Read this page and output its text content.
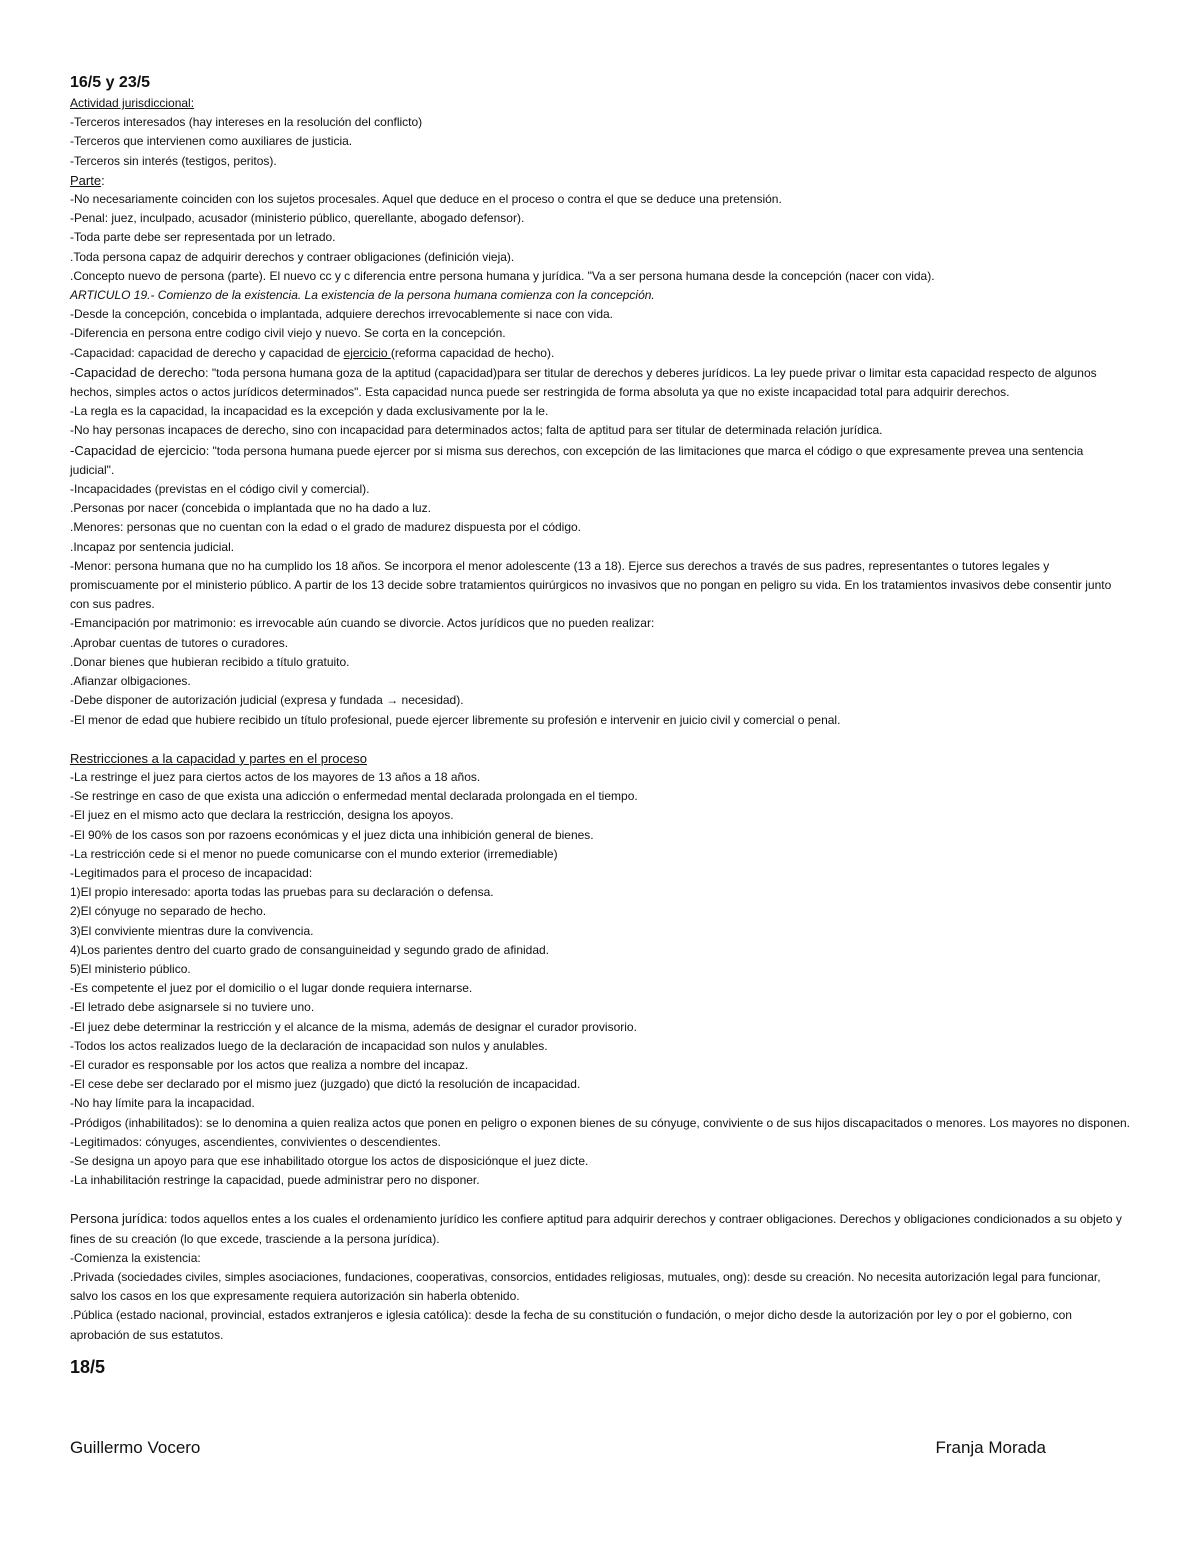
16/5 y 23/5
Actividad jurisdiccional:
-Terceros interesados (hay intereses en la resolución del conflicto)
-Terceros que intervienen como auxiliares de justicia.
-Terceros sin interés (testigos, peritos).
Parte:
-No necesariamente coinciden con los sujetos procesales. Aquel que deduce en el proceso o contra el que se deduce una pretensión.
-Penal: juez, inculpado, acusador (ministerio público, querellante, abogado defensor).
-Toda parte debe ser representada por un letrado.
.Toda persona capaz de adquirir derechos y contraer obligaciones (definición vieja).
.Concepto nuevo de persona (parte). El nuevo cc y c diferencia entre persona humana y jurídica. "Va a ser persona humana desde la concepción (nacer con vida).
ARTICULO 19.- Comienzo de la existencia. La existencia de la persona humana comienza con la concepción.
-Desde la concepción, concebida o implantada, adquiere derechos irrevocablemente si nace con vida.
-Diferencia en persona entre codigo civil viejo y nuevo. Se corta en la concepción.
-Capacidad: capacidad de derecho y capacidad de ejercicio (reforma capacidad de hecho).
-Capacidad de derecho: "toda persona humana goza de la aptitud (capacidad)para ser titular de derechos y deberes jurídicos. La ley puede privar o limitar esta capacidad respecto de algunos hechos, simples actos o actos jurídicos determinados". Esta capacidad nunca puede ser restringida de forma absoluta ya que no existe incapacidad total para adquirir derechos.
-La regla es la capacidad, la incapacidad es la excepción y dada exclusivamente por la le.
-No hay personas incapaces de derecho, sino con incapacidad para determinados actos; falta de aptitud para ser titular de determinada relación jurídica.
-Capacidad de ejercicio: "toda persona humana puede ejercer por si misma sus derechos, con excepción de las limitaciones que marca el código o que expresamente prevea una sentencia judicial".
-Incapacidades (previstas en el código civil y comercial).
.Personas por nacer (concebida o implantada que no ha dado a luz.
.Menores: personas que no cuentan con la edad o el grado de madurez dispuesta por el código.
.Incapaz por sentencia judicial.
-Menor: persona humana que no ha cumplido los 18 años. Se incorpora el menor adolescente (13 a 18). Ejerce sus derechos a través de sus padres, representantes o tutores legales y promiscuamente por el ministerio público. A partir de los 13 decide sobre tratamientos quirúrgicos no invasivos que no pongan en peligro su vida. En los tratamientos invasivos debe consentir junto con sus padres.
-Emancipación por matrimonio: es irrevocable aún cuando se divorcie. Actos jurídicos que no pueden realizar:
.Aprobar cuentas de tutores o curadores.
.Donar bienes que hubieran recibido a título gratuito.
.Afianzar olbigaciones.
-Debe disponer de autorización judicial (expresa y fundada → necesidad).
-El menor de edad que hubiere recibido un título profesional, puede ejercer libremente su profesión e intervenir en juicio civil y comercial o penal.
Restricciones a la capacidad y partes en el proceso
-La restringe el juez para ciertos actos de los mayores de 13 años a 18 años.
-Se restringe en caso de que exista una adicción o enfermedad mental declarada prolongada en el tiempo.
-El juez en el mismo acto que declara la restricción, designa los apoyos.
-El 90% de los casos son por razoens económicas y el juez dicta una inhibición general de bienes.
-La restricción cede si el menor no puede comunicarse con el mundo exterior (irremediable)
-Legitimados para el proceso de incapacidad:
1)El propio interesado: aporta todas las pruebas para su declaración o defensa.
2)El cónyuge no separado de hecho.
3)El conviviente mientras dure la convivencia.
4)Los parientes dentro del cuarto grado de consanguineidad y segundo grado de afinidad.
5)El ministerio público.
-Es competente el juez por el domicilio o el lugar donde requiera internarse.
-El letrado debe asignarsele si no tuviere uno.
-El juez debe determinar la restricción y el alcance de la misma, además de designar el curador provisorio.
-Todos los actos realizados luego de la declaración de incapacidad son nulos y anulables.
-El curador es responsable por los actos que realiza a nombre del incapaz.
-El cese debe ser declarado por el mismo juez (juzgado) que dictó la resolución de incapacidad.
-No hay límite para la incapacidad.
-Pródigos (inhabilitados): se lo denomina a quien realiza actos que ponen en peligro o exponen bienes de su cónyuge, conviviente o de sus hijos discapacitados o menores. Los mayores no disponen.
-Legitimados: cónyuges, ascendientes, convivientes o descendientes.
-Se designa un apoyo para que ese inhabilitado otorgue los actos de disposiciónque el juez dicte.
-La inhabilitación restringe la capacidad, puede administrar pero no disponer.
Persona jurídica: todos aquellos entes a los cuales el ordenamiento jurídico les confiere aptitud para adquirir derechos y contraer obligaciones. Derechos y obligaciones condicionados a su objeto y fines de su creación (lo que excede, trasciende a la persona jurídica).
-Comienza la existencia:
.Privada (sociedades civiles, simples asociaciones, fundaciones, cooperativas, consorcios, entidades religiosas, mutuales, ong): desde su creación. No necesita autorización legal para funcionar, salvo los casos en los que expresamente requiera autorización sin haberla obtenido.
.Pública (estado nacional, provincial, estados extranjeros e iglesia católica): desde la fecha de su constitución o fundación, o mejor dicho desde la autorización por ley o por el gobierno, con aprobación de sus estatutos.
18/5
Guillermo Vocero	Franja Morada
